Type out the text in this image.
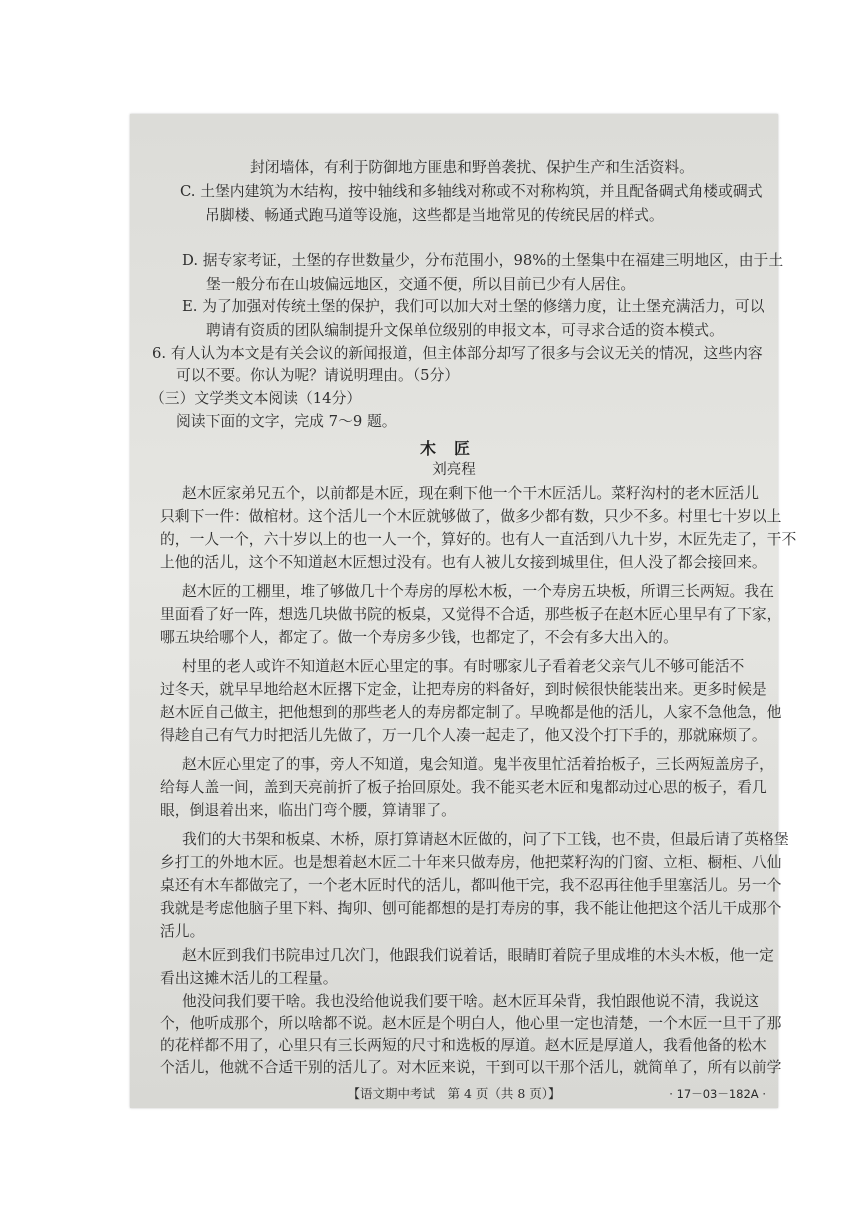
封闭墙体，有利于防御地方匪患和野兽袭扰、保护生产和生活资料。
C. 土堡内建筑为木结构，按中轴线和多轴线对称或不对称构筑，并且配备碉式角楼或碉式
吊脚楼、畅通式跑马道等设施，这些都是当地常见的传统民居的样式。
D. 据专家考证，土堡的存世数量少，分布范围小，98%的土堡集中在福建三明地区，由于土
堡一般分布在山坡偏远地区，交通不便，所以目前已少有人居住。
E. 为了加强对传统土堡的保护，我们可以加大对土堡的修缮力度，让土堡充满活力，可以
聘请有资质的团队编制提升文保单位级别的申报文本，可寻求合适的资本模式。
6. 有人认为本文是有关会议的新闻报道，但主体部分却写了很多与会议无关的情况，这些内容
可以不要。你认为呢？请说明理由。（5分）
（三）文学类文本阅读（14分）
阅读下面的文字，完成 7～9 题。
木匠
刘亮程
赵木匠家弟兄五个，以前都是木匠，现在剩下他一个干木匠活儿。菜籽沟村的老木匠活儿
只剩下一件：做棺材。这个活儿一个木匠就够做了，做多少都有数，只少不多。村里七十岁以上
的，一人一个，六十岁以上的也一人一个，算好的。也有人一直活到八九十岁，木匠先走了，干不
上他的活儿，这个不知道赵木匠想过没有。也有人被儿女接到城里住，但人没了都会接回来。
赵木匠的工棚里，堆了够做几十个寿房的厚松木板，一个寿房五块板，所谓三长两短。我在
里面看了好一阵，想选几块做书院的板桌，又觉得不合适，那些板子在赵木匠心里早有了下家，
哪五块给哪个人，都定了。做一个寿房多少钱，也都定了，不会有多大出入的。
村里的老人或许不知道赵木匠心里定的事。有时哪家儿子看着老父亲气儿不够可能活不
过冬天，就早早地给赵木匠撂下定金，让把寿房的料备好，到时候很快能装出来。更多时候是
赵木匠自己做主，把他想到的那些老人的寿房都定制了。早晚都是他的活儿，人家不急他急，他
得趁自己有气力时把活儿先做了，万一几个人凑一起走了，他又没个打下手的，那就麻烦了。
赵木匠心里定了的事，旁人不知道，鬼会知道。鬼半夜里忙活着抬板子，三长两短盖房子，
给每人盖一间，盖到天亮前折了板子抬回原处。我不能买老木匠和鬼都动过心思的板子，看几
眼，倒退着出来，临出门弯个腰，算请罪了。
我们的大书架和板桌、木桥，原打算请赵木匠做的，问了下工钱，也不贵，但最后请了英格堡
乡打工的外地木匠。也是想着赵木匠二十年来只做寿房，他把菜籽沟的门窗、立柜、橱柜、八仙
桌还有木车都做完了，一个老木匠时代的活儿，都叫他干完，我不忍再往他手里塞活儿。另一个
我就是考虑他脑子里下料、掏卯、刨可能都想的是打寿房的事，我不能让他把这个活儿干成那个
活儿。
赵木匠到我们书院串过几次门，他跟我们说着话，眼睛盯着院子里成堆的木头木板，他一定
看出这摊木活儿的工程量。
他没问我们要干啥。我也没给他说我们要干啥。赵木匠耳朵背，我怕跟他说不清，我说这
个，他听成那个，所以啥都不说。赵木匠是个明白人，他心里一定也清楚，一个木匠一旦干了那
的花样都不用了，心里只有三长两短的尺寸和选板的厚道。赵木匠是厚道人，我看他备的松木
个活儿，他就不合适干别的活儿了。对木匠来说，干到可以干那个活儿，就简单了，所有以前学
【语文期中考试　第 4 页（共 8 页）】	· 17－03－182A ·
